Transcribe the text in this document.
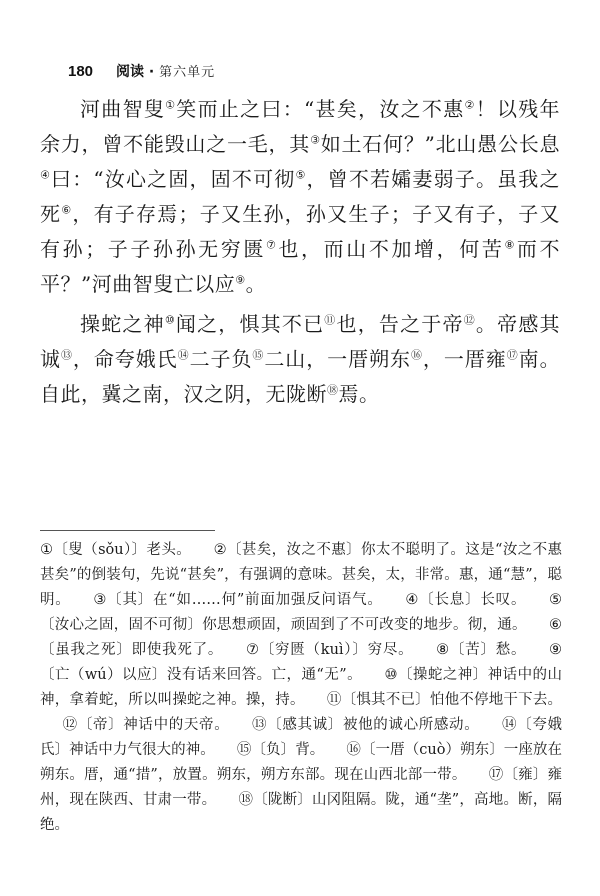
180 阅读 · 第六单元

河曲智叟①笑而止之曰：“甚矣，汝之不惠②！以残年余力，曾不能毁山之一毛，其③如土石何？”北山愚公长息④曰：“汝心之固，固不可彻⑤，曾不若孀妻弱子。虽我之死⑥，有子存焉；子又生孙，孙又生子；子又有子，子又有孙；子子孙孙无穷匮⑦也，而山不加增，何苦⑧而不平？”河曲智叟亡以应⑨。

操蛇之神⑩闻之，惧其不已⑪也，告之于帝⑫。帝感其诚⑬，命夸娥氏⑭二子负⑮二山，一厝朔东⑯，一厝雍⑰南。自此，冀之南，汉之阴，无陇断⑱焉。

①〔叟（sǒu）〕老头。 ②〔甚矣，汝之不惠〕你太不聪明了。这是“汝之不惠甚矣”的倒装句，先说“甚矣”，有强调的意味。甚矣，太，非常。惠，通“慧”，聪明。 ③〔其〕在“如……何”前面加强反问语气。 ④〔长息〕长叹。 ⑤〔汝心之固，固不可彻〕你思想顽固，顽固到了不可改变的地步。彻，通。 ⑥〔虽我之死〕即使我死了。 ⑦〔穷匮（kuì）〕穷尽。 ⑧〔苦〕愁。 ⑨〔亡（wú）以应〕没有话来回答。亡，通“无”。 ⑩〔操蛇之神〕神话中的山神，拿着蛇，所以叫操蛇之神。操，持。 ⑪〔惧其不已〕怕他不停地干下去。⑫〔帝〕神话中的天帝。 ⑬〔感其诚〕被他的诚心所感动。 ⑭〔夸娥氏〕神话中力气很大的神。 ⑮〔负〕背。 ⑯〔一厝（cuò）朔东〕一座放在朔东。厝，通“措”，放置。朔东，朔方东部。现在山西北部一带。 ⑰〔雍〕雍州，现在陕西、甘肃一带。 ⑱〔陇断〕山冈阻隔。陇，通“垄”，高地。断，隔绝。
